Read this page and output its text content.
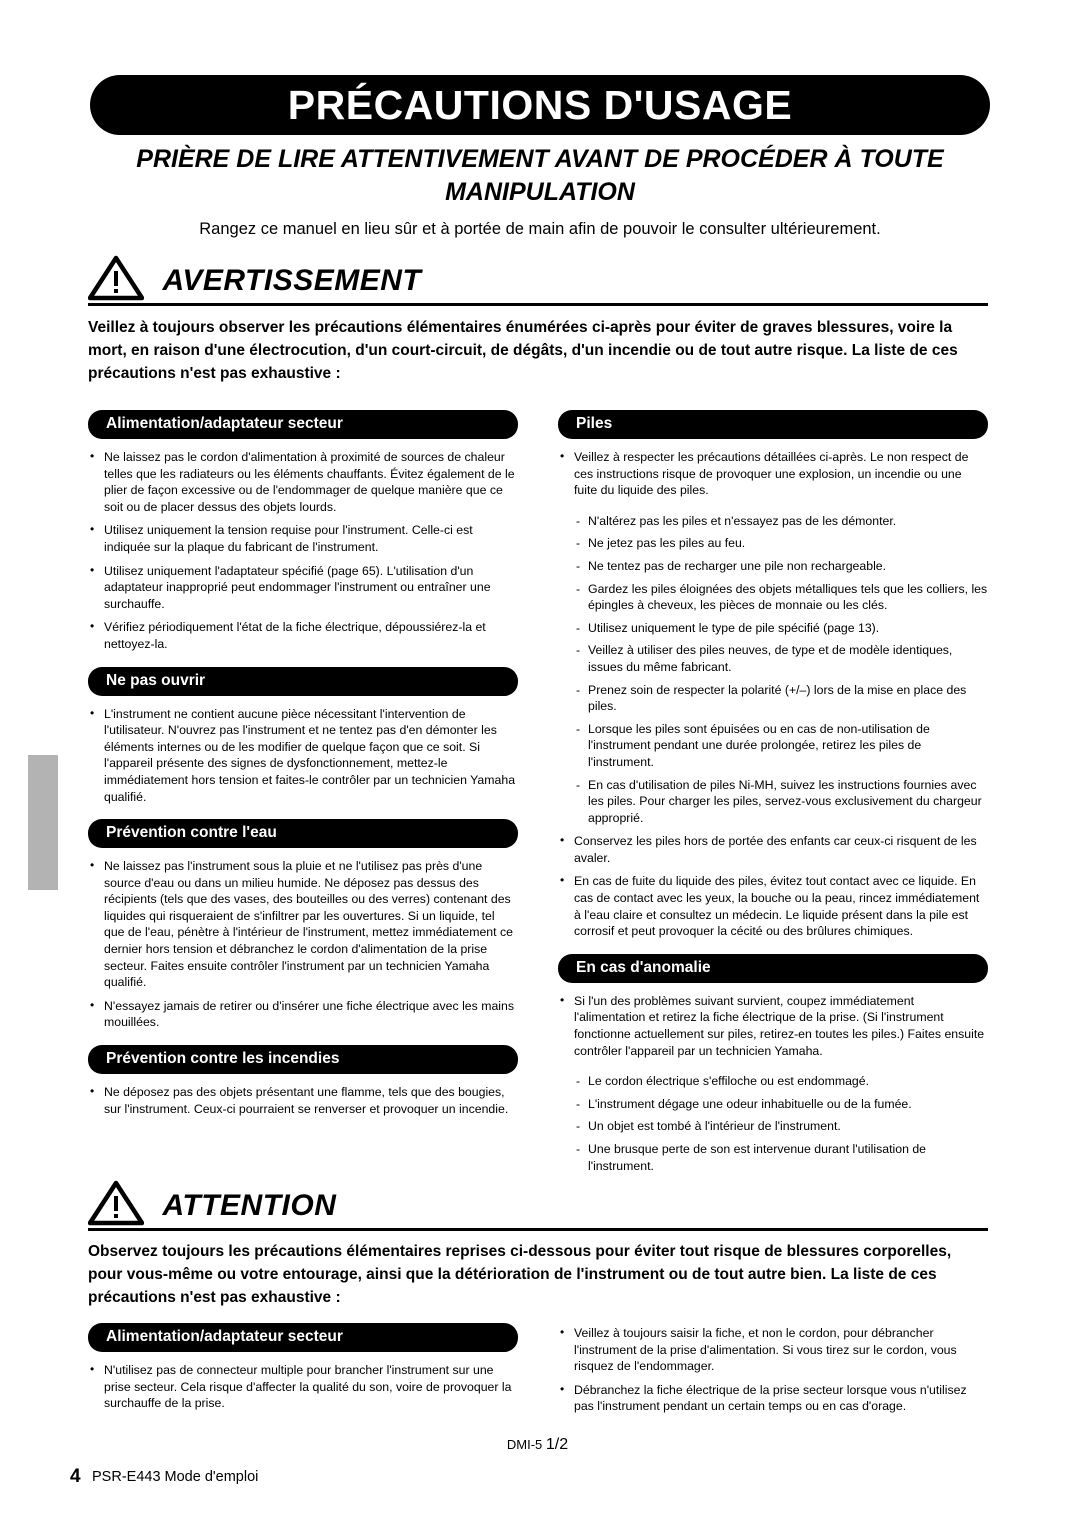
PRÉCAUTIONS D'USAGE
PRIÈRE DE LIRE ATTENTIVEMENT AVANT DE PROCÉDER À TOUTE MANIPULATION
Rangez ce manuel en lieu sûr et à portée de main afin de pouvoir le consulter ultérieurement.
AVERTISSEMENT
Veillez à toujours observer les précautions élémentaires énumérées ci-après pour éviter de graves blessures, voire la mort, en raison d'une électrocution, d'un court-circuit, de dégâts, d'un incendie ou de tout autre risque. La liste de ces précautions n'est pas exhaustive :
Alimentation/adaptateur secteur
• Ne laissez pas le cordon d'alimentation à proximité de sources de chaleur telles que les radiateurs ou les éléments chauffants. Évitez également de le plier de façon excessive ou de l'endommager de quelque manière que ce soit ou de placer dessus des objets lourds.
• Utilisez uniquement la tension requise pour l'instrument. Celle-ci est indiquée sur la plaque du fabricant de l'instrument.
• Utilisez uniquement l'adaptateur spécifié (page 65). L'utilisation d'un adaptateur inapproprié peut endommager l'instrument ou entraîner une surchauffe.
• Vérifiez périodiquement l'état de la fiche électrique, dépoussiérez-la et nettoyez-la.
Ne pas ouvrir
• L'instrument ne contient aucune pièce nécessitant l'intervention de l'utilisateur. N'ouvrez pas l'instrument et ne tentez pas d'en démonter les éléments internes ou de les modifier de quelque façon que ce soit. Si l'appareil présente des signes de dysfonctionnement, mettez-le immédiatement hors tension et faites-le contrôler par un technicien Yamaha qualifié.
Prévention contre l'eau
• Ne laissez pas l'instrument sous la pluie et ne l'utilisez pas près d'une source d'eau ou dans un milieu humide. Ne déposez pas dessus des récipients (tels que des vases, des bouteilles ou des verres) contenant des liquides qui risqueraient de s'infiltrer par les ouvertures. Si un liquide, tel que de l'eau, pénètre à l'intérieur de l'instrument, mettez immédiatement ce dernier hors tension et débranchez le cordon d'alimentation de la prise secteur. Faites ensuite contrôler l'instrument par un technicien Yamaha qualifié.
• N'essayez jamais de retirer ou d'insérer une fiche électrique avec les mains mouillées.
Prévention contre les incendies
• Ne déposez pas des objets présentant une flamme, tels que des bougies, sur l'instrument. Ceux-ci pourraient se renverser et provoquer un incendie.
Piles
• Veillez à respecter les précautions détaillées ci-après. Le non respect de ces instructions risque de provoquer une explosion, un incendie ou une fuite du liquide des piles.
- N'altérez pas les piles et n'essayez pas de les démonter.
- Ne jetez pas les piles au feu.
- Ne tentez pas de recharger une pile non rechargeable.
- Gardez les piles éloignées des objets métalliques tels que les colliers, les épingles à cheveux, les pièces de monnaie ou les clés.
- Utilisez uniquement le type de pile spécifié (page 13).
- Veillez à utiliser des piles neuves, de type et de modèle identiques, issues du même fabricant.
- Prenez soin de respecter la polarité (+/–) lors de la mise en place des piles.
- Lorsque les piles sont épuisées ou en cas de non-utilisation de l'instrument pendant une durée prolongée, retirez les piles de l'instrument.
- En cas d'utilisation de piles Ni-MH, suivez les instructions fournies avec les piles. Pour charger les piles, servez-vous exclusivement du chargeur approprié.
• Conservez les piles hors de portée des enfants car ceux-ci risquent de les avaler.
• En cas de fuite du liquide des piles, évitez tout contact avec ce liquide. En cas de contact avec les yeux, la bouche ou la peau, rincez immédiatement à l'eau claire et consultez un médecin. Le liquide présent dans la pile est corrosif et peut provoquer la cécité ou des brûlures chimiques.
En cas d'anomalie
• Si l'un des problèmes suivant survient, coupez immédiatement l'alimentation et retirez la fiche électrique de la prise. (Si l'instrument fonctionne actuellement sur piles, retirez-en toutes les piles.) Faites ensuite contrôler l'appareil par un technicien Yamaha.
- Le cordon électrique s'effiloche ou est endommagé.
- L'instrument dégage une odeur inhabituelle ou de la fumée.
- Un objet est tombé à l'intérieur de l'instrument.
- Une brusque perte de son est intervenue durant l'utilisation de l'instrument.
ATTENTION
Observez toujours les précautions élémentaires reprises ci-dessous pour éviter tout risque de blessures corporelles, pour vous-même ou votre entourage, ainsi que la détérioration de l'instrument ou de tout autre bien. La liste de ces précautions n'est pas exhaustive :
Alimentation/adaptateur secteur
• N'utilisez pas de connecteur multiple pour brancher l'instrument sur une prise secteur. Cela risque d'affecter la qualité du son, voire de provoquer la surchauffe de la prise.
• Veillez à toujours saisir la fiche, et non le cordon, pour débrancher l'instrument de la prise d'alimentation. Si vous tirez sur le cordon, vous risquez de l'endommager.
• Débranchez la fiche électrique de la prise secteur lorsque vous n'utilisez pas l'instrument pendant un certain temps ou en cas d'orage.
DMI-5 1/2
4 PSR-E443 Mode d'emploi
